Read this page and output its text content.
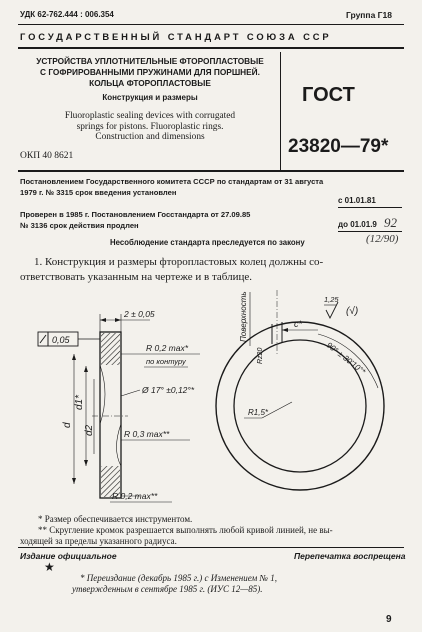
УДК 62-762.444 : 006.354	Группа Г18
ГОСУДАРСТВЕННЫЙ СТАНДАРТ СОЮЗА ССР
УСТРОЙСТВА УПЛОТНИТЕЛЬНЫЕ ФТОРОПЛАСТОВЫЕ
С ГОФРИРОВАННЫМИ ПРУЖИНАМИ ДЛЯ ПОРШНЕЙ.
КОЛЬЦА ФТОРОПЛАСТОВЫЕ
Конструкция и размеры
Fluoroplastic sealing devices with corrugated
springs for pistons. Fluoroplastic rings.
Construction and dimensions
ОКП 40 8621
ГОСТ
23820—79*
Постановлением Государственного комитета СССР по стандартам от 31 августа
1979 г. № 3315 срок введения установлен
с 01.01.81
Проверен в 1985 г. Постановлением Госстандарта от 27.09.85
№ 3136 срок действия продлен	до 01.01.9 92
(12/90)
Несоблюдение стандарта преследуется по закону
1. Конструкция и размеры фторопластовых колец должны со-
ответствовать указанным на чертеже и в таблице.
0,05
2 ± 0,05
d
d1*
d2
R 0,2 max*
по контуру
Ø 17° ±0,12°*
R 0,3 max**
R 0,2 max**
1,25
(√)
Поверхность
Rz20
c*
R1,5*
90° ± 30'10°*
* Размер обеспечивается инструментом.
** Скругление кромок разрешается выполнять любой кривой линией, не вы-
ходящей за пределы указанного радиуса.
Издание официальное	Перепечатка воспрещена
★
* Переиздание (декабрь 1985 г.) с Изменением № 1,
утвержденным в сентябре 1985 г. (ИУС 12—85).
9
